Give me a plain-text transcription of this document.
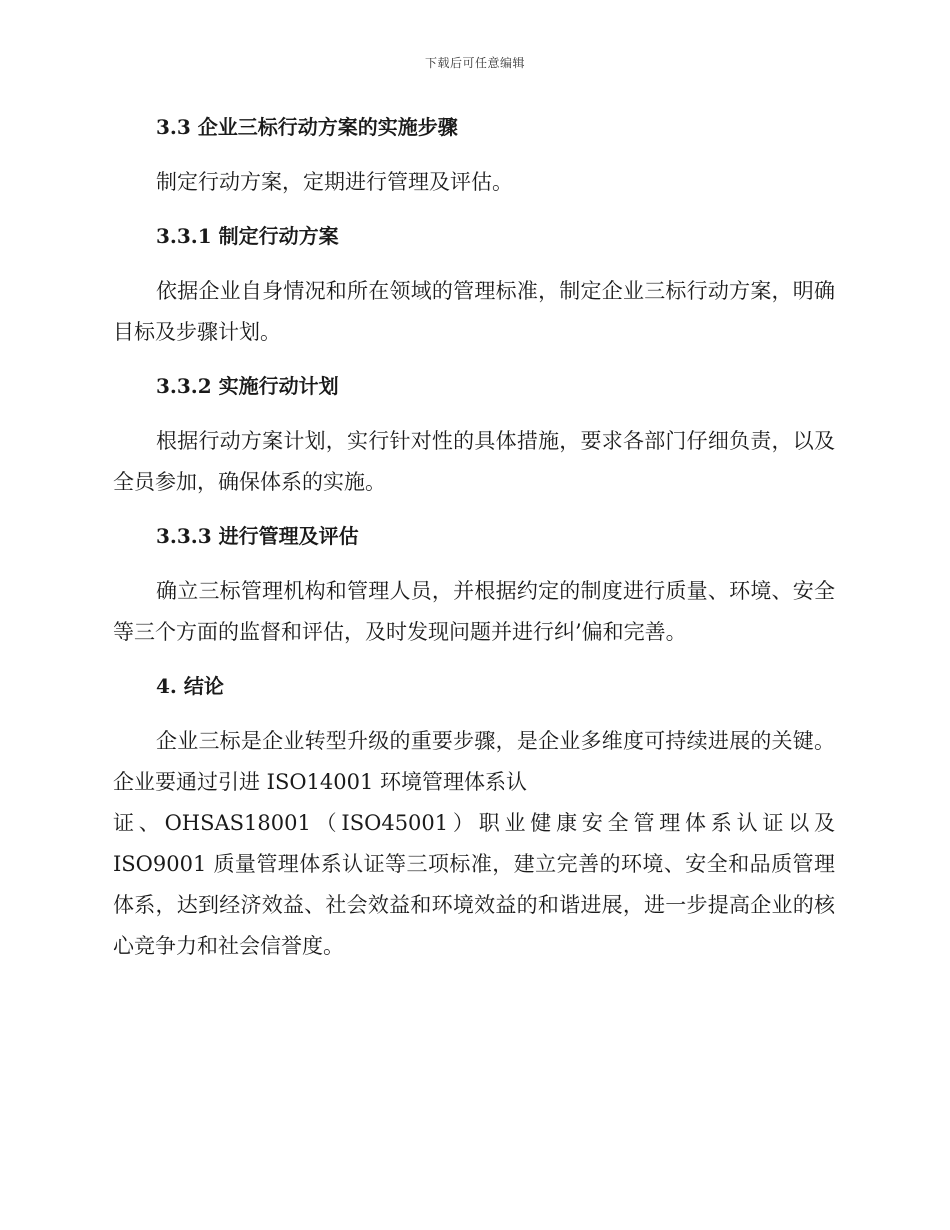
下载后可任意编辑
3.3 企业三标行动方案的实施步骤

制定行动方案，定期进行管理及评估。

3.3.1 制定行动方案

依据企业自身情况和所在领域的管理标准，制定企业三标行动方案，明确目标及步骤计划。

3.3.2 实施行动计划

根据行动方案计划，实行针对性的具体措施，要求各部门仔细负责，以及全员参加，确保体系的实施。

3.3.3 进行管理及评估

确立三标管理机构和管理人员，并根据约定的制度进行质量、环境、安全等三个方面的监督和评估，及时发现问题并进行纠’偏和完善。

4. 结论

企业三标是企业转型升级的重要步骤，是企业多维度可持续进展的关键。企业要通过引进 ISO14001 环境管理体系认

证、OHSAS18001（ISO45001）职业健康安全管理体系认证以及 ISO9001 质量管理体系认证等三项标准，建立完善的环境、安全和品质管理体系，达到经济效益、社会效益和环境效益的和谐进展，进一步提高企业的核心竞争力和社会信誉度。
